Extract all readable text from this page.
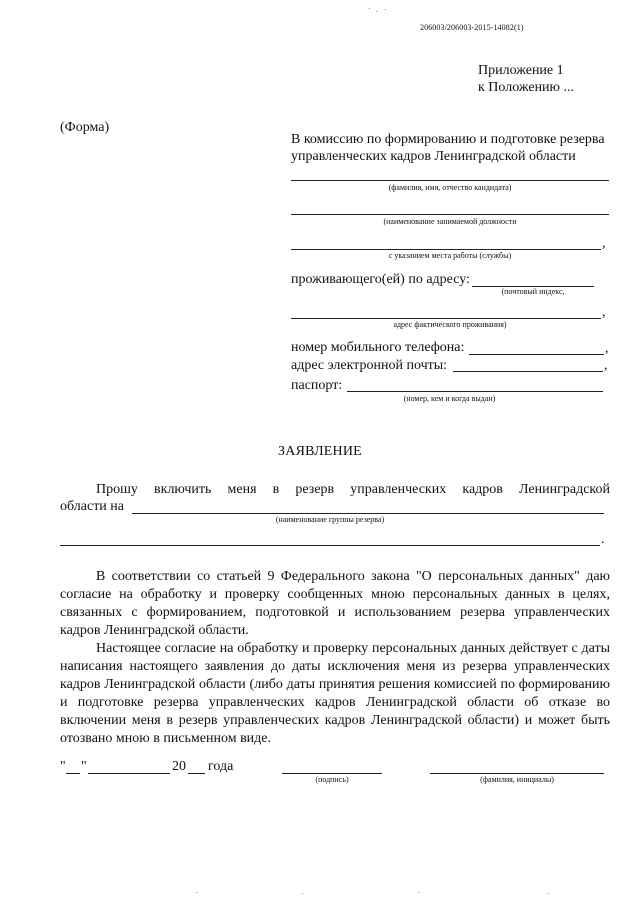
206003/206003-2015-14082(1)
Приложение 1
к Положению ...
(Форма)
В комиссию по формированию и подготовке резерва управленческих кадров Ленинградской области
(фамилия, имя, отчество кандидата)
(наименование занимаемой должности
,
с указанием места работы (службы)
проживающего(ей) по адресу:
(почтовый индекс,
,
адрес фактического проживания)
номер мобильного телефона:	,
адрес электронной почты:	,
паспорт:
(номер, кем и когда выдан)
ЗАЯВЛЕНИЕ
Прошу включить меня в резерв управленческих кадров Ленинградской
области на
(наименование группы резерва)
.
В соответствии со статьей 9 Федерального закона "О персональных данных" даю согласие на обработку и проверку сообщенных мною персональных данных в целях, связанных с формированием, подготовкой и использованием резерва управленческих кадров Ленинградской области.
Настоящее согласие на обработку и проверку персональных данных действует с даты написания настоящего заявления до даты исключения меня из резерва управленческих кадров Ленинградской области (либо даты принятия решения комиссией по формированию и подготовке резерва управленческих кадров Ленинградской области об отказе во включении меня в резерв управленческих кадров Ленинградской области) и может быть отозвано мною в письменном виде.
" "	20 года
(подпись)	(фамилия, инициалы)
